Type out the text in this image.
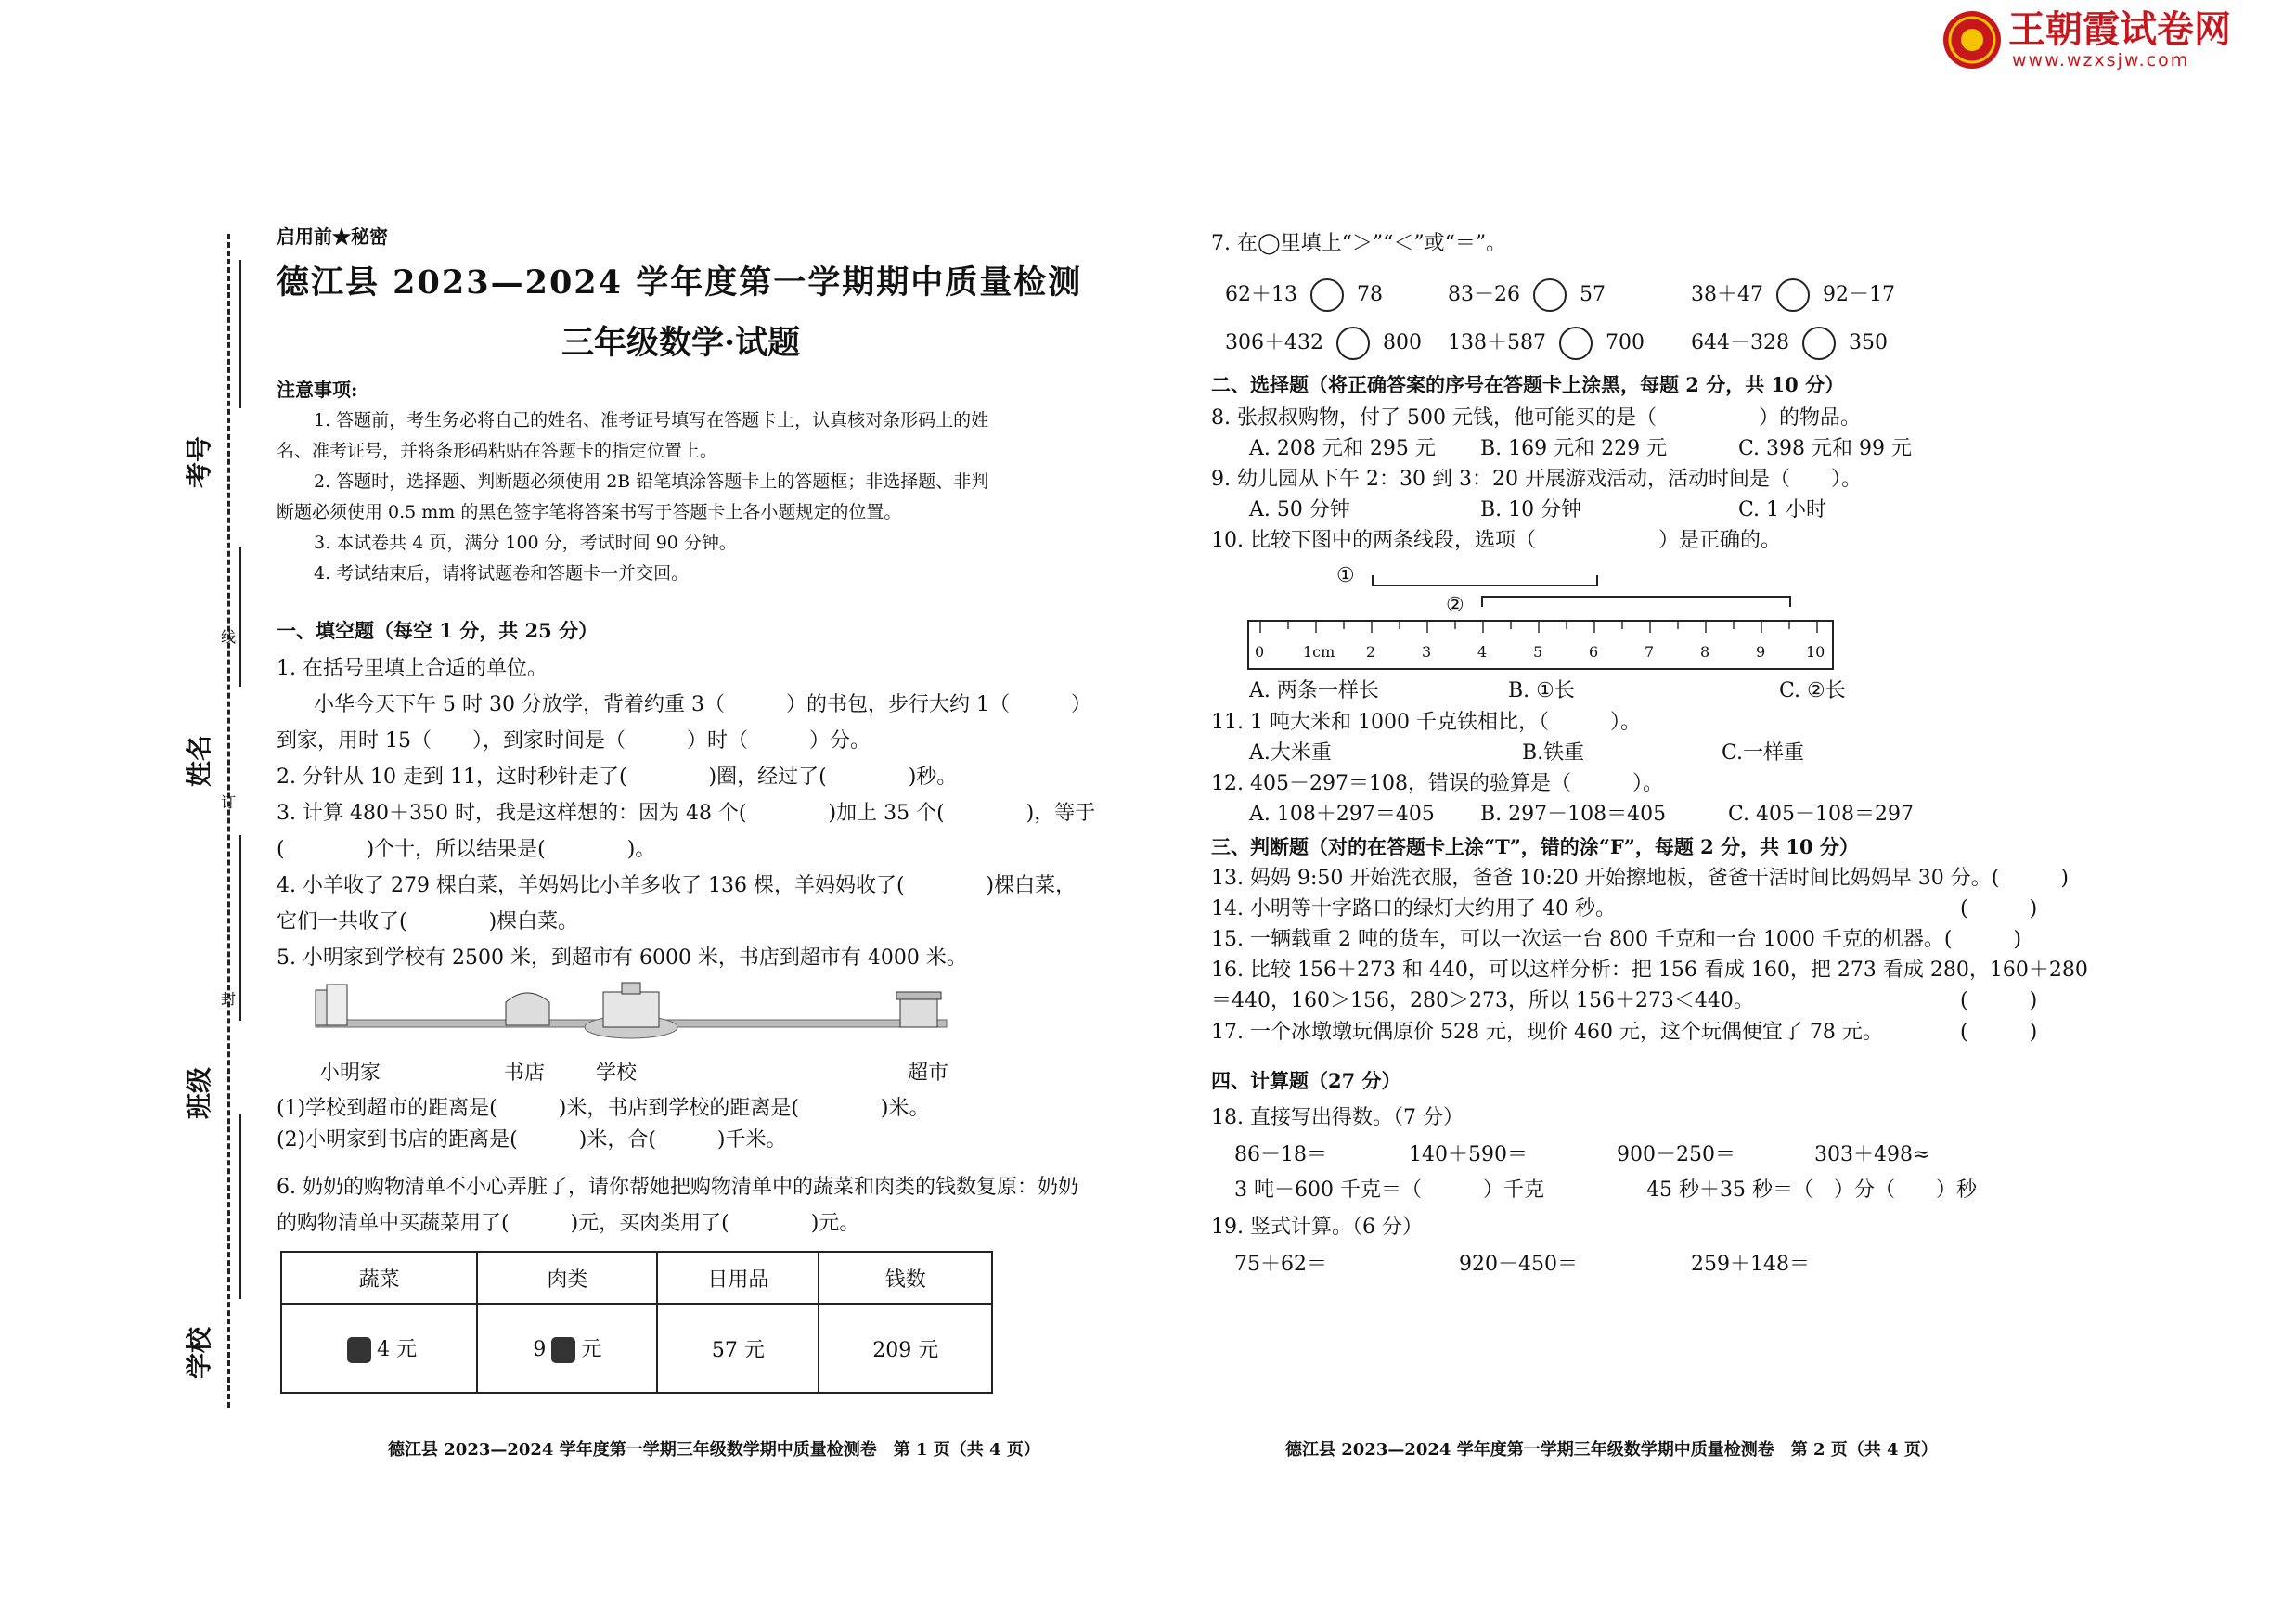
王朝霞试卷网
www.wzxsjw.com
考号
姓名
班级
学校
线
订
封
启用前★秘密
德江县 2023—2024 学年度第一学期期中质量检测
三年级数学·试题
注意事项:
1. 答题前，考生务必将自己的姓名、准考证号填写在答题卡上，认真核对条形码上的姓
名、准考证号，并将条形码粘贴在答题卡的指定位置上。
2. 答题时，选择题、判断题必须使用 2B 铅笔填涂答题卡上的答题框；非选择题、非判
断题必须使用 0.5 mm 的黑色签字笔将答案书写于答题卡上各小题规定的位置。
3. 本试卷共 4 页，满分 100 分，考试时间 90 分钟。
4. 考试结束后，请将试题卷和答题卡一并交回。
一、填空题（每空 1 分，共 25 分）
1. 在括号里填上合适的单位。
小华今天下午 5 时 30 分放学，背着约重 3（　　　）的书包，步行大约 1（　　　）
到家，用时 15（　　），到家时间是（　　　）时（　　　）分。
2. 分针从 10 走到 11，这时秒针走了(　　　　)圈，经过了(　　　　)秒。
3. 计算 480＋350 时，我是这样想的：因为 48 个(　　　　)加上 35 个(　　　　)，等于
(　　　　)个十，所以结果是(　　　　)。
4. 小羊收了 279 棵白菜，羊妈妈比小羊多收了 136 棵，羊妈妈收了(　　　　)棵白菜，
它们一共收了(　　　　)棵白菜。
5. 小明家到学校有 2500 米，到超市有 6000 米，书店到超市有 4000 米。
小明家	书店 学校	超市
(1)学校到超市的距离是(　　　)米，书店到学校的距离是(　　　　)米。
(2)小明家到书店的距离是(　　　)米，合(　　　)千米。
6. 奶奶的购物清单不小心弄脏了，请你帮她把购物清单中的蔬菜和肉类的钱数复原：奶奶
的购物清单中买蔬菜用了(　　　)元，买肉类用了(　　　　)元。
蔬菜	肉类	日用品	钱数
4 元	9 元	57 元	209 元
德江县 2023—2024 学年度第一学期三年级数学期中质量检测卷　第 1 页（共 4 页）
7. 在◯里填上“＞”“＜”或“＝”。
62＋13	78	83－26	57	38＋47	92－17
306＋432	800 138＋587	700 644－328	350
二、选择题（将正确答案的序号在答题卡上涂黑，每题 2 分，共 10 分）
8. 张叔叔购物，付了 500 元钱，他可能买的是（　　　　　）的物品。
A. 208 元和 295 元 B. 169 元和 229 元	C. 398 元和 99 元
9. 幼儿园从下午 2：30 到 3：20 开展游戏活动，活动时间是（　　）。
A. 50 分钟	B. 10 分钟	C. 1 小时
10. 比较下图中的两条线段，选项（　　　　　　）是正确的。
①
②
0	1cm 2	3	4	5	6	7	8	9	10
A. 两条一样长	B. ①长	C. ②长
11. 1 吨大米和 1000 千克铁相比，（　　　）。
A.大米重	B.铁重	C.一样重
12. 405－297＝108，错误的验算是（　　　）。
A. 108＋297＝405 B. 297－108＝405	C. 405－108＝297
三、判断题（对的在答题卡上涂“T”，错的涂“F”，每题 2 分，共 10 分）
13. 妈妈 9:50 开始洗衣服，爸爸 10:20 开始擦地板，爸爸干活时间比妈妈早 30 分。(　　　)
14. 小明等十字路口的绿灯大约用了 40 秒。	(　　　)
15. 一辆载重 2 吨的货车，可以一次运一台 800 千克和一台 1000 千克的机器。(　　　)
16. 比较 156＋273 和 440，可以这样分析：把 156 看成 160，把 273 看成 280，160＋280
＝440，160＞156，280＞273，所以 156＋273＜440。	(　　　)
17. 一个冰墩墩玩偶原价 528 元，现价 460 元，这个玩偶便宜了 78 元。	(　　　)
四、计算题（27 分）
18. 直接写出得数。（7 分）
86－18＝	140＋590＝	900－250＝	303＋498≈
3 吨－600 千克＝（　　　）千克	45 秒＋35 秒＝（　）分（　　）秒
19. 竖式计算。（6 分）
75＋62＝	920－450＝	259＋148＝
德江县 2023—2024 学年度第一学期三年级数学期中质量检测卷　第 2 页（共 4 页）
